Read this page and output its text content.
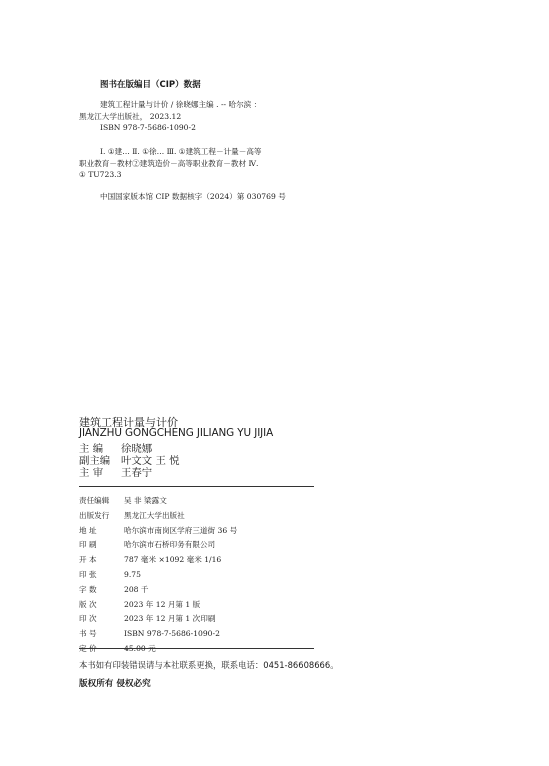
图书在版编目（CIP）数据
建筑工程计量与计价 / 徐晓娜主编 . -- 哈尔滨 ：
黑龙江大学出版社， 2023.12
ISBN 978-7-5686-1090-2
Ⅰ. ①建… Ⅱ. ①徐… Ⅲ. ①建筑工程－计量－高等
职业教育－教材②建筑造价－高等职业教育－教材 Ⅳ.
① TU723.3
中国国家版本馆 CIP 数据核字（2024）第 030769 号
建筑工程计量与计价
JIANZHU GONGCHENG JILIANG YU JIJIA
主 编 徐晓娜
副主编 叶文文 王 悦
主 审 王春宁
责任编辑 吴 非 梁露文
出版发行 黑龙江大学出版社
地 址	哈尔滨市南岗区学府三道街 36 号
印 刷	哈尔滨市石桥印务有限公司
开 本	787 毫米 ×1092 毫米 1/16
印 张	9.75
字 数	208 千
版 次	2023 年 12 月第 1 版
印 次	2023 年 12 月第 1 次印刷
书 号	ISBN 978-7-5686-1090-2
定 价	45.00 元
本书如有印装错误请与本社联系更换，联系电话：0451-86608666。
版权所有 侵权必究
